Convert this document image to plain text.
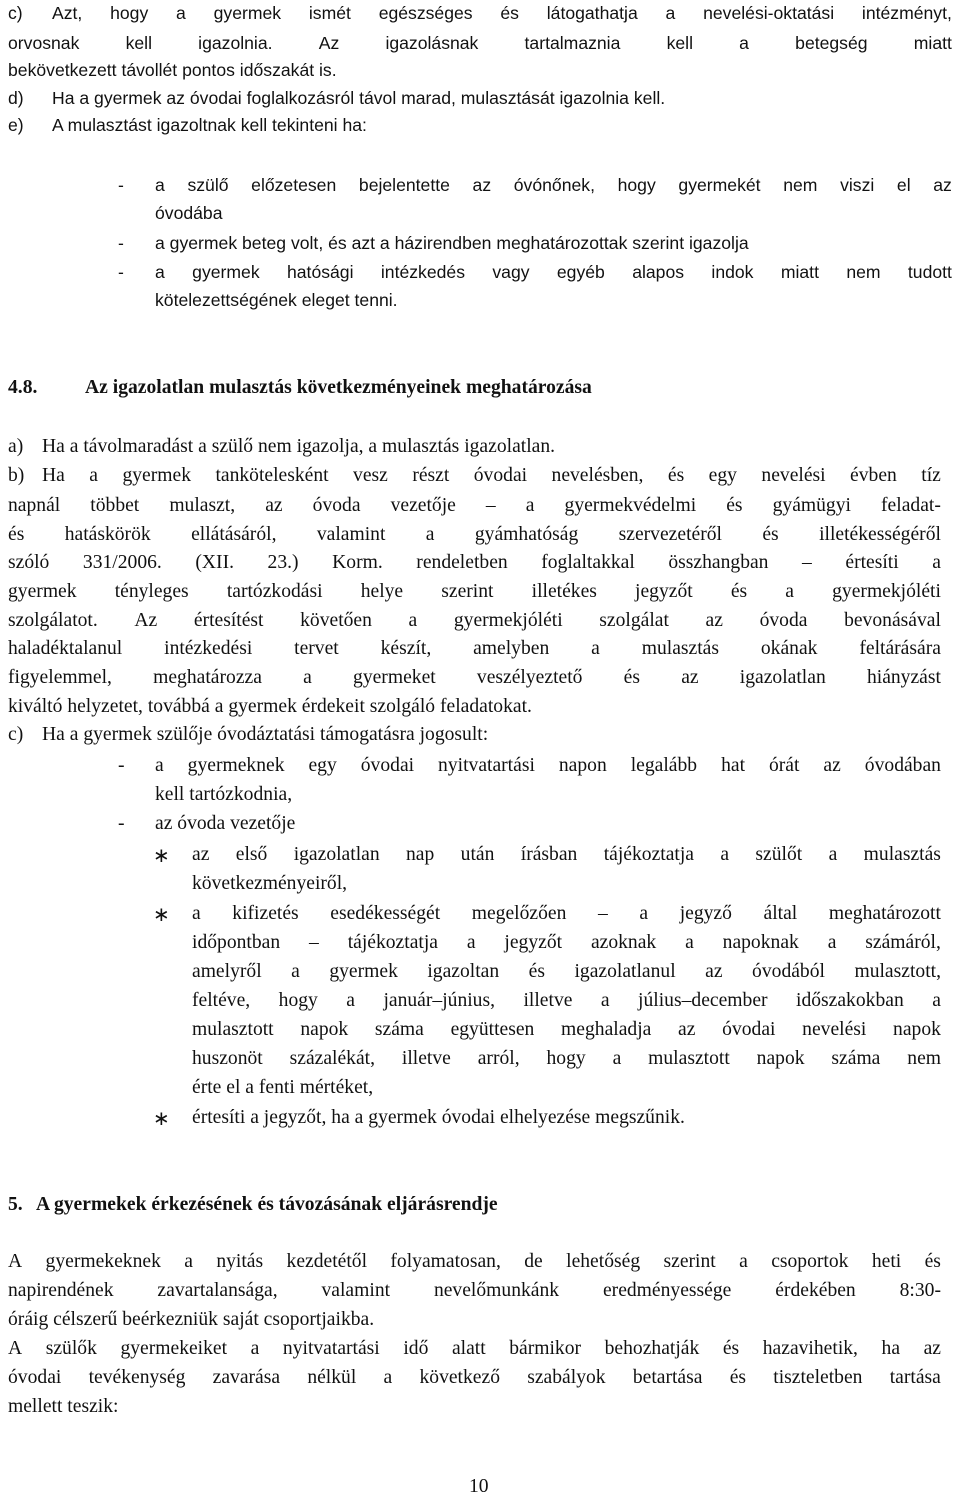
c) Azt, hogy a gyermek ismét egészséges és látogathatja a nevelési-oktatási intézményt,
orvosnak	kell	igazolnia.	Az	igazolásnak	tartalmaznia	kell	a	betegség	miatt
bekövetkezett távollét pontos időszakát is.
d) Ha a gyermek az óvodai foglalkozásról távol marad, mulasztását igazolnia kell.
e) A mulasztást igazoltnak kell tekinteni ha:
- a szülő előzetesen bejelentette az óvónőnek, hogy gyermekét nem viszi el az
óvodába
- a gyermek beteg volt, és azt a házirendben meghatározottak szerint igazolja
- a gyermek hatósági intézkedés vagy egyéb alapos indok miatt nem tudott
kötelezettségének eleget tenni.
4.8. Az igazolatlan mulasztás következményeinek meghatározása
a) Ha a távolmaradást a szülő nem igazolja, a mulasztás igazolatlan.
b) Ha a gyermek tankötelesként vesz részt óvodai nevelésben, és egy nevelési évben tíz
napnál többet mulaszt, az óvoda vezetője – a gyermekvédelmi és gyámügyi feladat-
és hatáskörök ellátásáról, valamint a gyámhatóság szervezetéről és illetékességéről
szóló 331/2006. (XII. 23.) Korm. rendeletben foglaltakkal összhangban – értesíti a
gyermek tényleges tartózkodási helye szerint illetékes jegyzőt és a gyermekjóléti
szolgálatot. Az értesítést követően a gyermekjóléti szolgálat az óvoda bevonásával
haladéktalanul intézkedési tervet készít, amelyben a mulasztás okának feltárására
figyelemmel, meghatározza a gyermeket veszélyeztető és az igazolatlan hiányzást
kiváltó helyzetet, továbbá a gyermek érdekeit szolgáló feladatokat.
c) Ha a gyermek szülője óvodáztatási támogatásra jogosult:
- a gyermeknek egy óvodai nyitvatartási napon legalább hat órát az óvodában
kell tartózkodnia,
- az óvoda vezetője
∗ az első igazolatlan nap után írásban tájékoztatja a szülőt a mulasztás
következményeiről,
∗ a kifizetés esedékességét megelőzően – a jegyző által meghatározott
időpontban – tájékoztatja a jegyzőt azoknak a napoknak a számáról,
amelyről a gyermek igazoltan és igazolatlanul az óvodából mulasztott,
feltéve, hogy a január–június, illetve a július–december időszakokban a
mulasztott napok száma együttesen meghaladja az óvodai nevelési napok
huszonöt százalékát, illetve arról, hogy a mulasztott napok száma nem
érte el a fenti mértéket,
∗ értesíti a jegyzőt, ha a gyermek óvodai elhelyezése megszűnik.
5. A gyermekek érkezésének és távozásának eljárásrendje
A gyermekeknek a nyitás kezdetétől folyamatosan, de lehetőség szerint a csoportok heti és
napirendének zavartalansága, valamint nevelőmunkánk eredményessége érdekében 8:30-
óráig célszerű beérkezniük saját csoportjaikba.
A szülők gyermekeiket a nyitvatartási idő alatt bármikor behozhatják és hazavihetik, ha az
óvodai tevékenység zavarása nélkül a következő szabályok betartása és tiszteletben tartása
mellett teszik:
10
